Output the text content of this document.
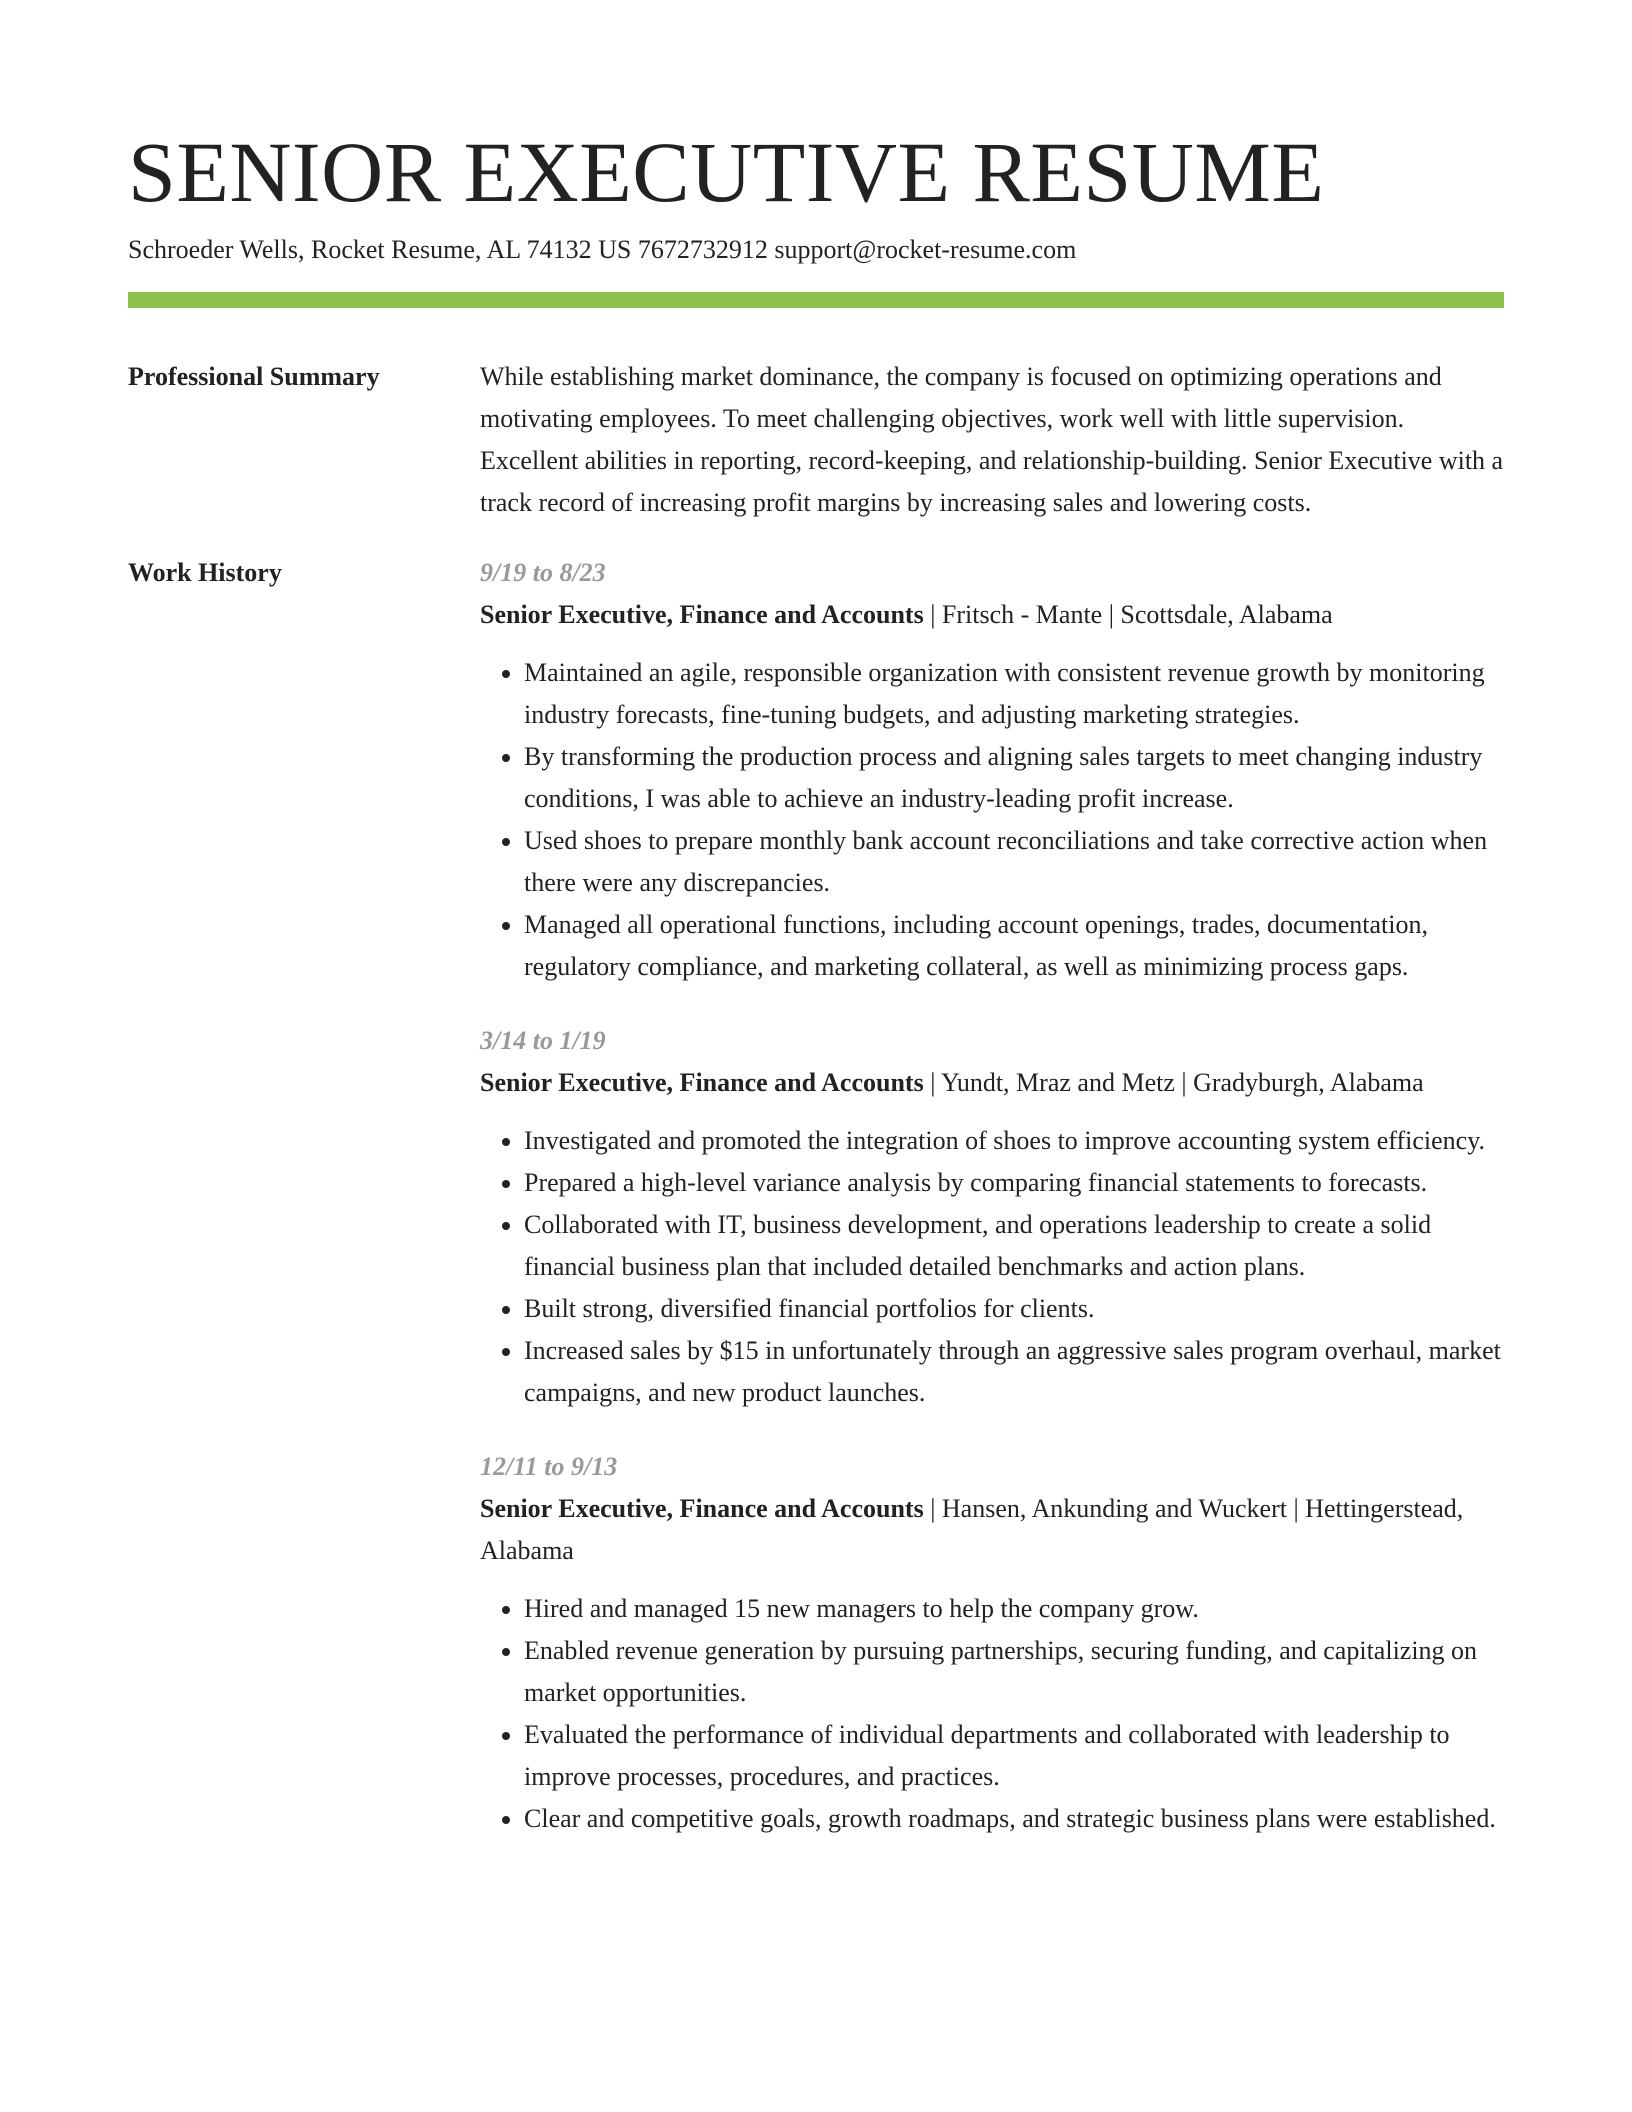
SENIOR EXECUTIVE RESUME
Schroeder Wells, Rocket Resume, AL 74132 US 7672732912 support@rocket-resume.com
Professional Summary	While establishing market dominance, the company is focused on optimizing operations and motivating employees. To meet challenging objectives, work well with little supervision. Excellent abilities in reporting, record-keeping, and relationship-building. Senior Executive with a track record of increasing profit margins by increasing sales and lowering costs.

Work History	9/19 to 8/23
Senior Executive, Finance and Accounts | Fritsch - Mante | Scottsdale, Alabama
• Maintained an agile, responsible organization with consistent revenue growth by monitoring industry forecasts, fine-tuning budgets, and adjusting marketing strategies.
• By transforming the production process and aligning sales targets to meet changing industry conditions, I was able to achieve an industry-leading profit increase.
• Used shoes to prepare monthly bank account reconciliations and take corrective action when there were any discrepancies.
• Managed all operational functions, including account openings, trades, documentation, regulatory compliance, and marketing collateral, as well as minimizing process gaps.
3/14 to 1/19
Senior Executive, Finance and Accounts | Yundt, Mraz and Metz | Gradyburgh, Alabama
• Investigated and promoted the integration of shoes to improve accounting system efficiency.
• Prepared a high-level variance analysis by comparing financial statements to forecasts.
• Collaborated with IT, business development, and operations leadership to create a solid financial business plan that included detailed benchmarks and action plans.
• Built strong, diversified financial portfolios for clients.
• Increased sales by $15 in unfortunately through an aggressive sales program overhaul, market campaigns, and new product launches.
12/11 to 9/13
Senior Executive, Finance and Accounts | Hansen, Ankunding and Wuckert | Hettingerstead, Alabama
• Hired and managed 15 new managers to help the company grow.
• Enabled revenue generation by pursuing partnerships, securing funding, and capitalizing on market opportunities.
• Evaluated the performance of individual departments and collaborated with leadership to improve processes, procedures, and practices.
• Clear and competitive goals, growth roadmaps, and strategic business plans were established.
